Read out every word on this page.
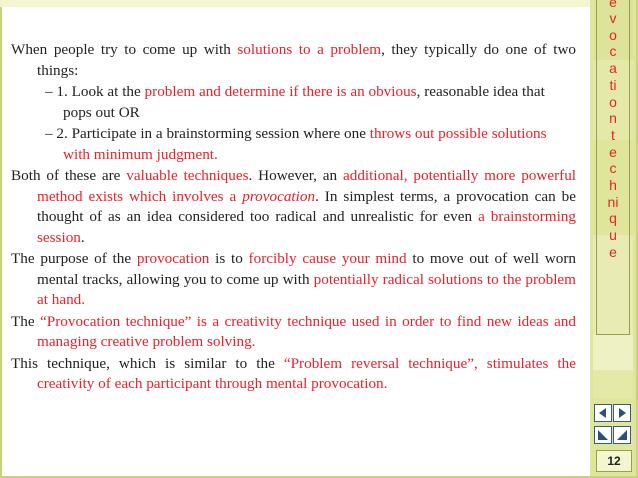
When people try to come up with solutions to a problem, they typically do one of two things:

– 1. Look at the problem and determine if there is an obvious, reasonable idea that pops out OR

– 2. Participate in a brainstorming session where one throws out possible solutions with minimum judgment.

Both of these are valuable techniques. However, an additional, potentially more powerful method exists which involves a provocation. In simplest terms, a provocation can be thought of as an idea considered too radical and unrealistic for even a brainstorming session.

The purpose of the provocation is to forcibly cause your mind to move out of well worn mental tracks, allowing you to come up with potentially radical solutions to the problem at hand.

The “Provocation technique” is a creativity technique used in order to find new ideas and managing creative problem solving.

This technique, which is similar to the “Problem reversal technique”, stimulates the creativity of each participant through mental provocation.

e
v
o
c
a
ti
o
n
t
e
c
h
ni
q
u
e
12
